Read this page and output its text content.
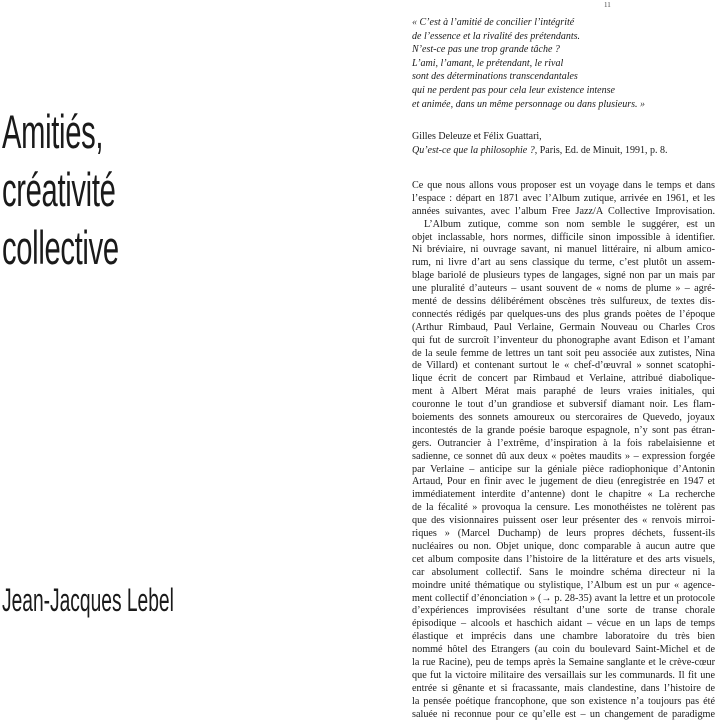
11
Amitiés,
créativité
collective
Jean-Jacques Lebel
« C’est à l’amitié de concilier l’intégrité
de l’essence et la rivalité des prétendants.
N’est-ce pas une trop grande tâche ?
L’ami, l’amant, le prétendant, le rival
sont des déterminations transcendantales
qui ne perdent pas pour cela leur existence intense
et animée, dans un même personnage ou dans plusieurs. »
Gilles Deleuze et Félix Guattari,
Qu’est-ce que la philosophie ?, Paris, Ed. de Minuit, 1991, p. 8.
Ce que nous allons vous proposer est un voyage dans le temps et dans
l’espace : départ en 1871 avec l’Album zutique, arrivée en 1961, et les
années suivantes, avec l’album Free Jazz/A Collective Improvisation.
L’Album zutique, comme son nom semble le suggérer, est un
objet inclassable, hors normes, difficile sinon impossible à identifier.
Ni bréviaire, ni ouvrage savant, ni manuel littéraire, ni album amico-
rum, ni livre d’art au sens classique du terme, c’est plutôt un assem-
blage bariolé de plusieurs types de langages, signé non par un mais par
une pluralité d’auteurs – usant souvent de « noms de plume » – agré-
menté de dessins délibérément obscènes très sulfureux, de textes dis-
connectés rédigés par quelques-uns des plus grands poètes de l’époque
(Arthur Rimbaud, Paul Verlaine, Germain Nouveau ou Charles Cros
qui fut de surcroît l’inventeur du phonographe avant Edison et l’amant
de la seule femme de lettres un tant soit peu associée aux zutistes, Nina
de Villard) et contenant surtout le « chef-d’œuvral » sonnet scatophi-
lique écrit de concert par Rimbaud et Verlaine, attribué diabolique-
ment à Albert Mérat mais paraphé de leurs vraies initiales, qui
couronne le tout d’un grandiose et subversif diamant noir. Les flam-
boiements des sonnets amoureux ou stercoraires de Quevedo, joyaux
incontestés de la grande poésie baroque espagnole, n’y sont pas étran-
gers. Outrancier à l’extrême, d’inspiration à la fois rabelaisienne et
sadienne, ce sonnet dû aux deux « poètes maudits » – expression forgée
par Verlaine – anticipe sur la géniale pièce radiophonique d’Antonin
Artaud, Pour en finir avec le jugement de dieu (enregistrée en 1947 et
immédiatement interdite d’antenne) dont le chapitre « La recherche
de la fécalité » provoqua la censure. Les monothéistes ne tolèrent pas
que des visionnaires puissent oser leur présenter des « renvois mirroi-
riques » (Marcel Duchamp) de leurs propres déchets, fussent-ils
nucléaires ou non. Objet unique, donc comparable à aucun autre que
cet album composite dans l’histoire de la littérature et des arts visuels,
car absolument collectif. Sans le moindre schéma directeur ni la
moindre unité thématique ou stylistique, l’Album est un pur « agence-
ment collectif d’énonciation » (→ p. 28-35) avant la lettre et un protocole
d’expériences improvisées résultant d’une sorte de transe chorale
épisodique – alcools et haschich aidant – vécue en un laps de temps
élastique et imprécis dans une chambre laboratoire du très bien
nommé hôtel des Etrangers (au coin du boulevard Saint-Michel et de
la rue Racine), peu de temps après la Semaine sanglante et le crève-cœur
que fut la victoire militaire des versaillais sur les communards. Il fit une
entrée si gênante et si fracassante, mais clandestine, dans l’histoire de
la pensée poétique francophone, que son existence n’a toujours pas été
saluée ni reconnue pour ce qu’elle est – un changement de paradigme
